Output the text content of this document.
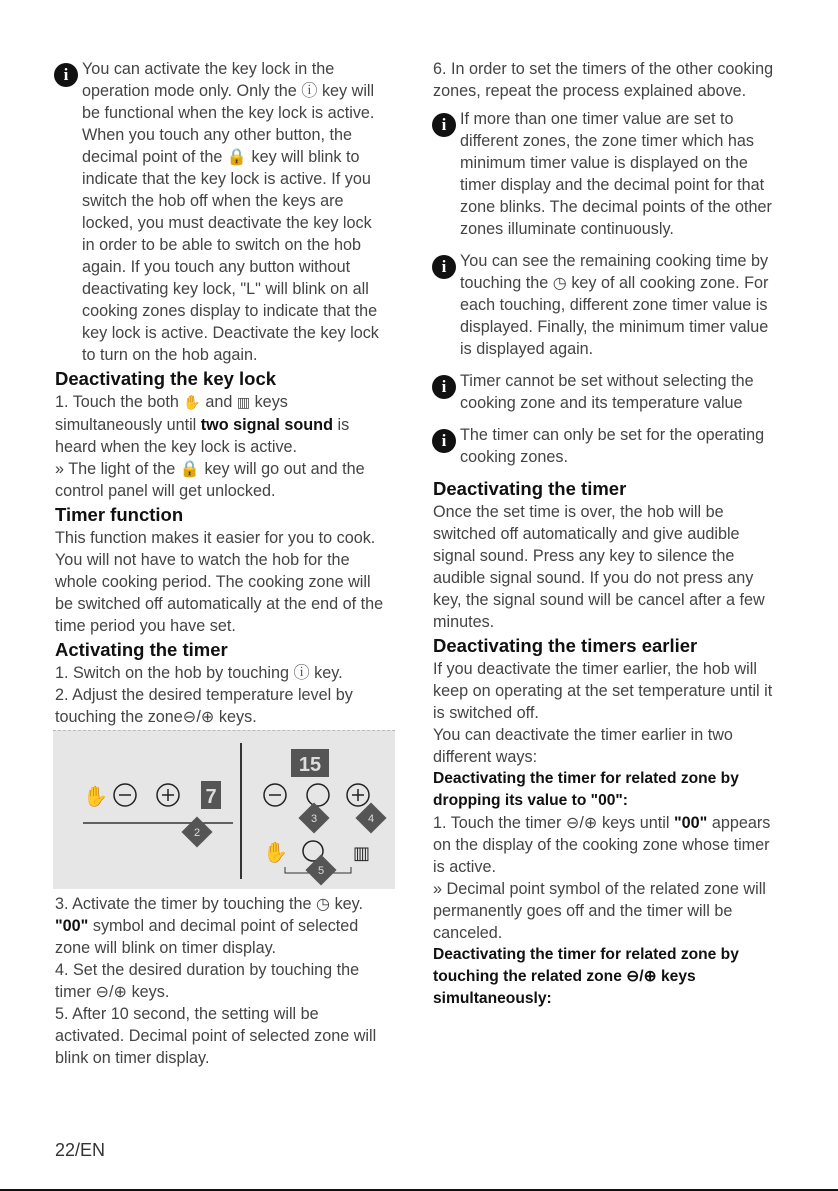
i You can activate the key lock in the operation mode only. Only the ⓘ key will be functional when the key lock is active. When you touch any other button, the decimal point of the 🔒 key will blink to indicate that the key lock is active. If you switch the hob off when the keys are locked, you must deactivate the key lock in order to be able to switch on the hob again. If you touch any button without deactivating key lock, "L" will blink on all cooking zones display to indicate that the key lock is active. Deactivate the key lock to turn on the hob again.

Deactivating the key lock

1. Touch the both ✋ and ▥ keys simultaneously until two signal sound is heard when the key lock is active.

» The light of the 🔒 key will go out and the control panel will get unlocked.

Timer function

This function makes it easier for you to cook. You will not have to watch the hob for the whole cooking period. The cooking zone will be switched off automatically at the end of the time period you have set.

Activating the timer

1. Switch on the hob by touching ⓘ key.

2. Adjust the desired temperature level by touching the zone⊖/⊕ keys.

✋	7
15
✋	▥
2
3	4
5

3. Activate the timer by touching the ◷ key. "00" symbol and decimal point of selected zone will blink on timer display.

4. Set the desired duration by touching the timer ⊖/⊕ keys.

5. After 10 second, the setting will be activated. Decimal point of selected zone will blink on timer display.

6. In order to set the timers of the other cooking zones, repeat the process explained above.

i If more than one timer value are set to different zones, the zone timer which has minimum timer value is displayed on the timer display and the decimal point for that zone blinks. The decimal points of the other zones illuminate continuously.

i You can see the remaining cooking time by touching the ◷ key of all cooking zone. For each touching, different zone timer value is displayed. Finally, the minimum timer value is displayed again.

i Timer cannot be set without selecting the cooking zone and its temperature value

i The timer can only be set for the operating cooking zones.

Deactivating the timer

Once the set time is over, the hob will be switched off automatically and give audible signal sound. Press any key to silence the audible signal sound. If you do not press any key, the signal sound will be cancel after a few minutes.

Deactivating the timers earlier

If you deactivate the timer earlier, the hob will keep on operating at the set temperature until it is switched off.

You can deactivate the timer earlier in two different ways:

Deactivating the timer for related zone by dropping its value to "00":

1. Touch the timer ⊖/⊕ keys until "00" appears on the display of the cooking zone whose timer is active.

» Decimal point symbol of the related zone will permanently goes off and the timer will be canceled.

Deactivating the timer for related zone by touching the related zone ⊖/⊕ keys simultaneously:
22/EN
